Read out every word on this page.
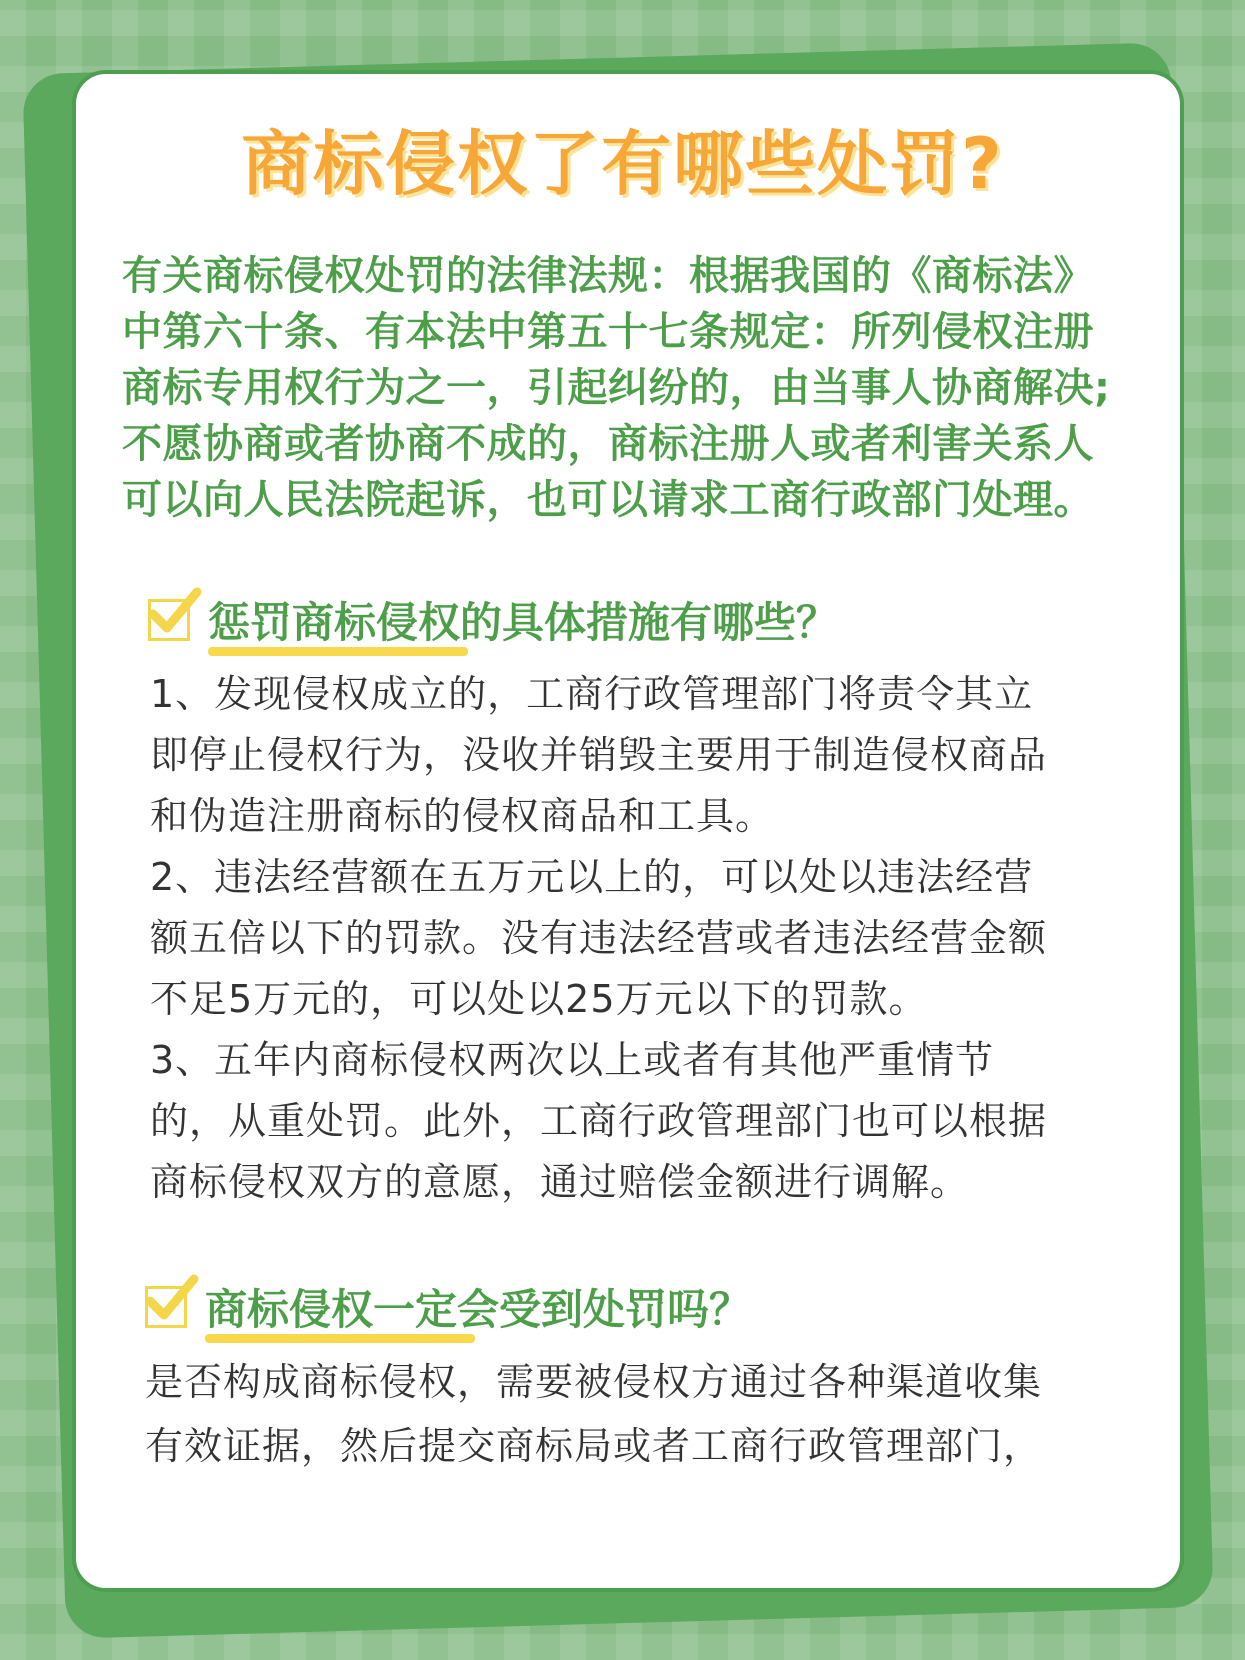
商标侵权了有哪些处罚?

有关商标侵权处罚的法律法规：根据我国的《商标法》中第六十条、有本法中第五十七条规定：所列侵权注册商标专用权行为之一，引起纠纷的，由当事人协商解决;不愿协商或者协商不成的，商标注册人或者利害关系人可以向人民法院起诉，也可以请求工商行政部门处理。

惩罚商标侵权的具体措施有哪些？

1、发现侵权成立的，工商行政管理部门将责令其立即停止侵权行为，没收并销毁主要用于制造侵权商品和伪造注册商标的侵权商品和工具。

2、违法经营额在五万元以上的，可以处以违法经营额五倍以下的罚款。没有违法经营或者违法经营金额不足5万元的，可以处以25万元以下的罚款。

3、五年内商标侵权两次以上或者有其他严重情节的，从重处罚。此外，工商行政管理部门也可以根据商标侵权双方的意愿，通过赔偿金额进行调解。

商标侵权一定会受到处罚吗？

是否构成商标侵权，需要被侵权方通过各种渠道收集有效证据，然后提交商标局或者工商行政管理部门，
